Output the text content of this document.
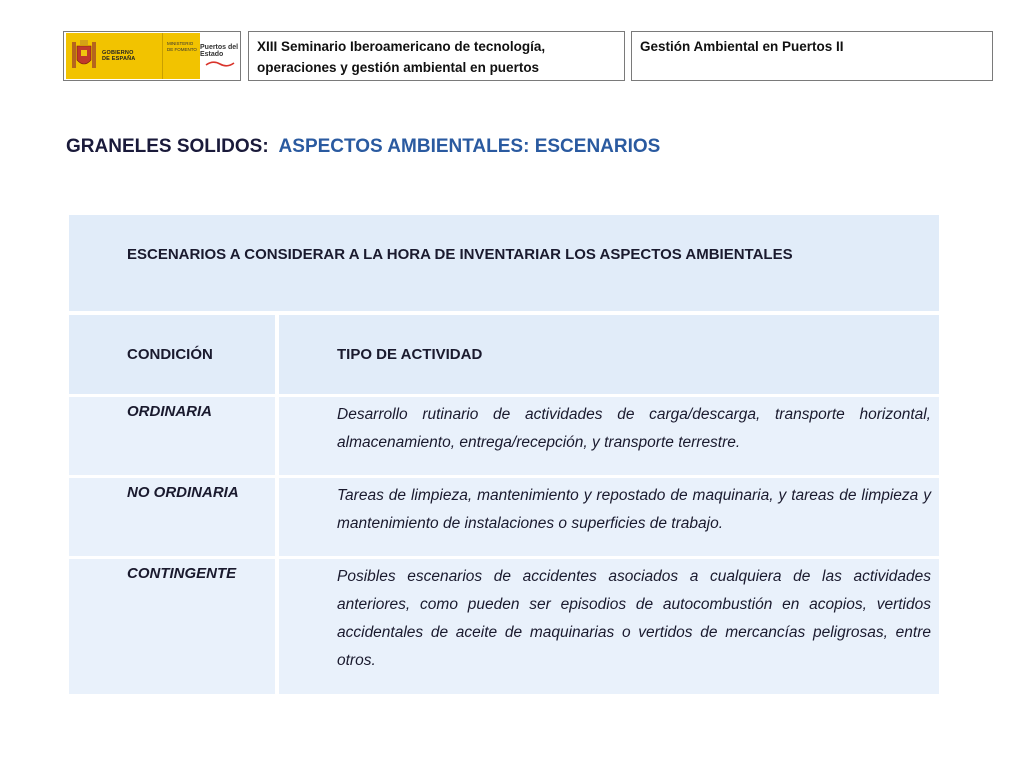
GOBIERNO
DE ESPAÑA
MINISTERIO
DE FOMENTO Puertos del Estado
XIII Seminario Iberoamericano de tecnología, operaciones y gestión ambiental en puertos
Gestión Ambiental en Puertos II
GRANELES SOLIDOS: ASPECTOS AMBIENTALES: ESCENARIOS
ESCENARIOS A CONSIDERAR A LA HORA DE INVENTARIAR LOS ASPECTOS AMBIENTALES
CONDICIÓN	TIPO DE ACTIVIDAD
ORDINARIA	Desarrollo rutinario de actividades de carga/descarga, transporte horizontal, almacenamiento, entrega/recepción, y transporte terrestre.
NO ORDINARIA	Tareas de limpieza, mantenimiento y repostado de maquinaria, y tareas de limpieza y mantenimiento de instalaciones o superficies de trabajo.
CONTINGENTE	Posibles escenarios de accidentes asociados a cualquiera de las actividades anteriores, como pueden ser episodios de autocombustión en acopios, vertidos accidentales de aceite de maquinarias o vertidos de mercancías peligrosas, entre otros.
